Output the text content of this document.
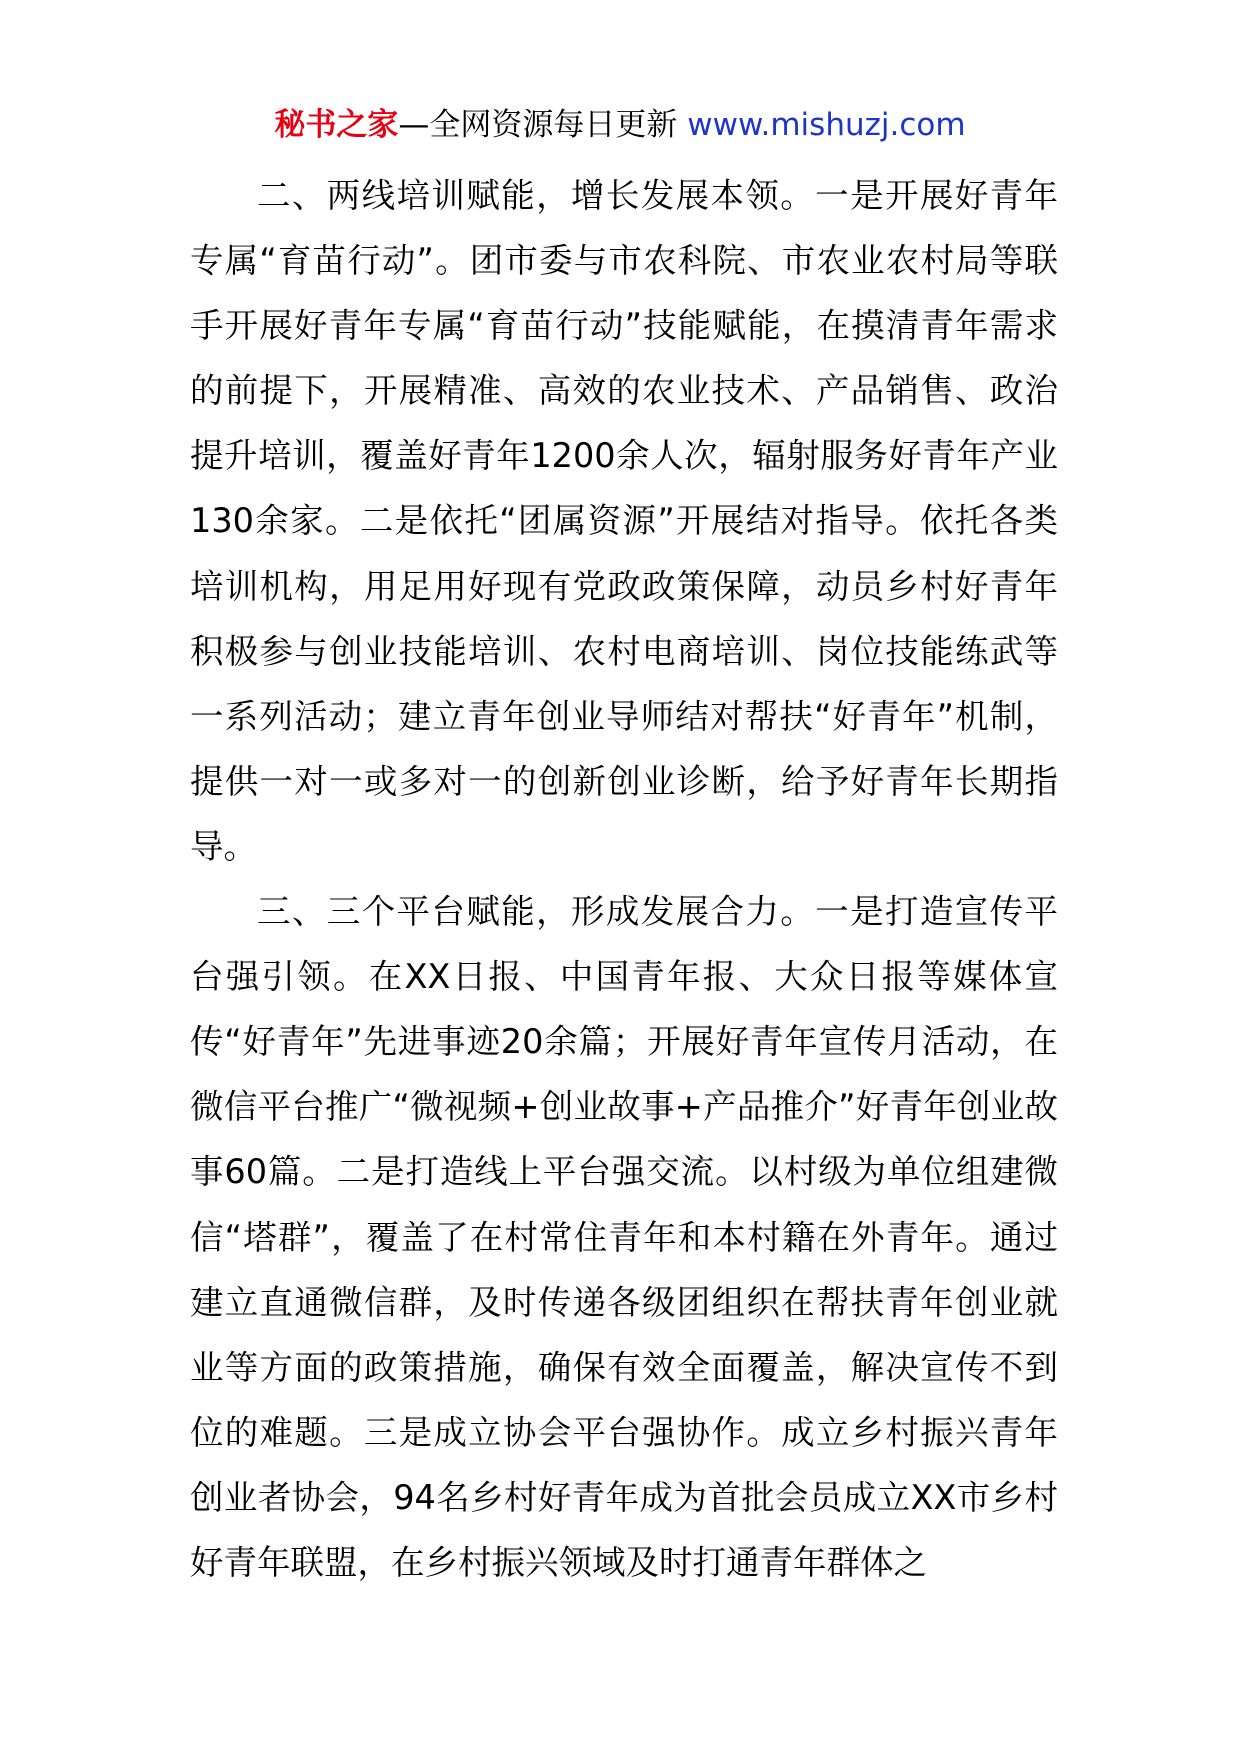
秘书之家—全网资源每日更新 www.mishuzj.com

二、两线培训赋能，增长发展本领。一是开展好青年专属“育苗行动”。团市委与市农科院、市农业农村局等联手开展好青年专属“育苗行动”技能赋能，在摸清青年需求的前提下，开展精准、高效的农业技术、产品销售、政治提升培训，覆盖好青年1200余人次，辐射服务好青年产业130余家。二是依托“团属资源”开展结对指导。依托各类培训机构，用足用好现有党政政策保障，动员乡村好青年积极参与创业技能培训、农村电商培训、岗位技能练武等一系列活动；建立青年创业导师结对帮扶“好青年”机制，提供一对一或多对一的创新创业诊断，给予好青年长期指导。

三、三个平台赋能，形成发展合力。一是打造宣传平台强引领。在XX日报、中国青年报、大众日报等媒体宣传“好青年”先进事迹20余篇；开展好青年宣传月活动，在微信平台推广“微视频+创业故事+产品推介”好青年创业故事60篇。二是打造线上平台强交流。以村级为单位组建微信“塔群”，覆盖了在村常住青年和本村籍在外青年。通过建立直通微信群，及时传递各级团组织在帮扶青年创业就业等方面的政策措施，确保有效全面覆盖，解决宣传不到位的难题。三是成立协会平台强协作。成立乡村振兴青年创业者协会，94名乡村好青年成为首批会员成立XX市乡村好青年联盟，在乡村振兴领域及时打通青年群体之
